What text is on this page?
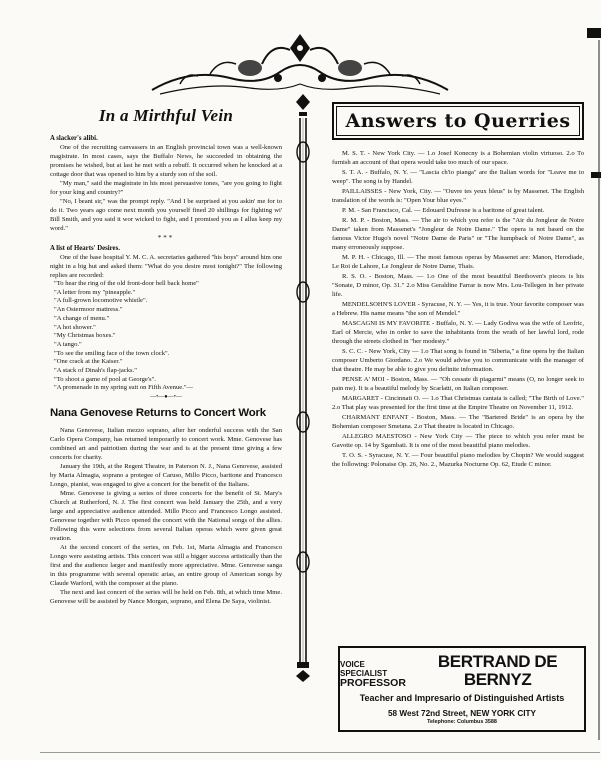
In a Mirthful Vein

A slacker's alibi.

One of the recruiting canvassers in an English provincial town was a well-known magistrate. In most cases, says the Buffalo News, he succeeded in obtaining the promises he wished, but at last he met with a rebuff. It occurred when he knocked at a cottage door that was opened to him by a sturdy son of the soil.

"My man," said the magistrate in his most persuasive tones, "are you going to fight for your king and country?"

"No, I beant sir," was the prompt reply. "And I be surprised at you askin' me for to do it. Two years ago come next month you yourself fined 20 shillings for fighting wi' Bill Smith, and you said it wor wicked to fight, and I promised you as I allus keep my word."

***

A list of Hearts' Desires.

One of the base hospital Y. M. C. A. secretaries gathered "his boys" around him one night in a big hut and asked them: "What do you desire most tonight?" The following replies are recorded:

"To hear the ring of the old front-door bell back home"

"A letter from my "pineapple."

"A full-grown locomotive whistle".

"An Ostermoor mattress."

"A change of menu."

"A hot shower."

"My Christmas boxes."

"A tango."

"To see the smiling face of the town clock".

"One crack at the Kaiser."

"A stack of Dinah's flap-jacks."

"To shoot a game of pool at George's".

"A promenade in my spring suit on Fifth Avenue."—

—•—●—•—
Nana Genovese Returns to Concert Work

Nana Genovese, Italian mezzo soprano, after her onderful success with the San Carlo Opera Company, has returned temporarily to concert work. Mme. Genovese has combined art and patriotism during the war and is at the present time giving a few concerts for charity.

January the 19th, at the Regent Theatre, in Paterson N. J., Nana Genovese, assisted by Maria Almagia, soprano a protegee of Caruso, Millo Picco, baritone and Francesco Longo, pianist, was engaged to give a concert for the benefit of the Italians.

Mme. Genovese is giving a series of three concerts for the benefit of St. Mary's Church at Rutherford, N. J. The first concert was held January the 25th, and a very large and appreciative audience attended. Millo Picco and Francesco Longo assisted. Genovese together with Picco opened the concert with the National songs of the allies. Following this were selections from several Italian operas which were given great ovation.

At the second concert of the series, on Feb. 1st, Maria Almagia and Francesco Longo were assisting artists. This concert was still a bigger success artistically than the first and the audience larger and manifestly more appreciative. Mme. Genovese sanga in this programme with several operatic arias, an entire group of American songs by Claude Warford, with the composer at the piano.

The next and last concert of the series will be held on Feb. 8th, at which time Mme. Genovese will be assisted by Nance Morgan, soprano, and Elena De Saya, violinist.

Answers to Querries

M. S. T. - New York City. — 1.o Josef Konecny is a Bohemian violin virtuoso. 2.o To furnish an account of that opera would take too much of our space.

S. T. A. - Buffalo, N. Y. — "Lascia ch'io pianga" are the Italian words for "Leave me to weep". The song is by Handel.

PAILLAISSES - New York, City. — "Ouvre tes yeux bleus" is by Massenet. The English translation of the words is: "Open Your blue eyes."

P. M. - San Francisco, Cal. — Edouard Dufresne is a baritone of great talent.

R. M. P. - Boston, Mass. — The air to which you refer is the "Air du Jongleur de Notre Dame" taken from Massenet's "Jongleur de Notre Dame." The opera is not based on the famous Victor Hugo's novel "Notre Dame de Paris" or "The humpback of Notre Dame", as many erroneously suppose.

M. P. H. - Chicago, Ill. — The most famous operas by Massenet are: Manon, Herodiade, Le Roi de Lahore, Le Jongleur de Notre Dame, Thais.

R. S. O. - Boston, Mass. — 1.o One of the most beautiful Beethoven's pieces is his "Sonate, D minor, Op. 31." 2.o Miss Geraldine Farrar is now Mrs. Lou-Tellegen in her private life.

MENDELSOHN'S LOVER - Syracuse, N. Y. — Yes, it is true. Your favorite composer was a Hebrew. His name means "the son of Mendel."

MASCAGNI IS MY FAVORITE - Buffalo, N. Y. — Lady Godiva was the wife of Leofric, Earl of Mercie, who in order to save the inhabitants from the wrath of her lawful lord, rode through the streets clothed in "her modesty."

S. C. C. - New York, City — 1.o That song is found in "Siberia," a fine opera by the Italian composer Umberto Giordano. 2.o We would advise you to communicate with the manager of that theatre. He may be able to give you definite information.

PENSE A' MOI - Boston, Mass. — "Oh cessate di piagarmi" means (O, no longer seek to pain me). It is a beautiful melody by Scarlatti, on Italian composer.

MARGARET - Cincinnati O. — 1.o That Christmas cantata is called; "The Birth of Love." 2.o That play was presented for the first time at the Empire Theatre on November 11, 1912.

CHARMANT ENFANT - Boston, Mass. — The "Bartered Bride" is an opera by the Bohemian composer Smetana. 2.o That theatre is located in Chicago.

ALLEGRO MAESTOSO - New York City — The piece to which you refer must be Gavotte op. 14 by Sgambati. It is one of the most beautiful piano melodies.

T. O. S. - Syracuse, N. Y. — Four beautiful piano melodies by Chopin? We would suggest the following: Polonaise Op. 26, No. 2., Mazurka Nocturne Op. 62, Etude C minor.

VOICE SPECIALIST
PROFESSOR
BERTRAND DE BERNYZ
Teacher and Impresario of Distinguished Artists
58 West 72nd Street, NEW YORK CITY
Telephone: Columbus 3588
